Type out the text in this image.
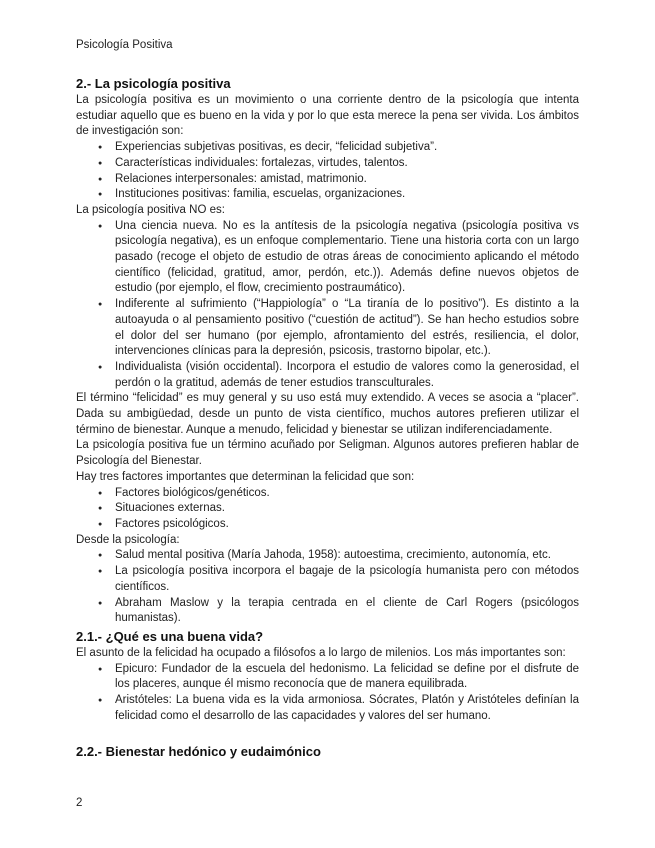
Psicología Positiva
2.- La psicología positiva

La psicología positiva es un movimiento o una corriente dentro de la psicología que intenta estudiar aquello que es bueno en la vida y por lo que esta merece la pena ser vivida. Los ámbitos de investigación son:

● Experiencias subjetivas positivas, es decir, “felicidad subjetiva”.
● Características individuales: fortalezas, virtudes, talentos.
● Relaciones interpersonales: amistad, matrimonio.
● Instituciones positivas: familia, escuelas, organizaciones.

La psicología positiva NO es:

● Una ciencia nueva. No es la antítesis de la psicología negativa (psicología positiva vs psicología negativa), es un enfoque complementario. Tiene una historia corta con un largo pasado (recoge el objeto de estudio de otras áreas de conocimiento aplicando el método científico (felicidad, gratitud, amor, perdón, etc.)). Además define nuevos objetos de estudio (por ejemplo, el flow, crecimiento postraumático).
● Indiferente al sufrimiento (“Happiología” o “La tiranía de lo positivo”). Es distinto a la autoayuda o al pensamiento positivo (“cuestión de actitud”). Se han hecho estudios sobre el dolor del ser humano (por ejemplo, afrontamiento del estrés, resiliencia, el dolor, intervenciones clínicas para la depresión, psicosis, trastorno bipolar, etc.).
● Individualista (visión occidental). Incorpora el estudio de valores como la generosidad, el perdón o la gratitud, además de tener estudios transculturales.

El término “felicidad” es muy general y su uso está muy extendido. A veces se asocia a “placer”. Dada su ambigüedad, desde un punto de vista científico, muchos autores prefieren utilizar el término de bienestar. Aunque a menudo, felicidad y bienestar se utilizan indiferenciadamente.

La psicología positiva fue un término acuñado por Seligman. Algunos autores prefieren hablar de Psicología del Bienestar.

Hay tres factores importantes que determinan la felicidad que son:

● Factores biológicos/genéticos.
● Situaciones externas.
● Factores psicológicos.

Desde la psicología:

● Salud mental positiva (María Jahoda, 1958): autoestima, crecimiento, autonomía, etc.
● La psicología positiva incorpora el bagaje de la psicología humanista pero con métodos científicos.
● Abraham Maslow y la terapia centrada en el cliente de Carl Rogers (psicólogos humanistas).
2.1.- ¿Qué es una buena vida?

El asunto de la felicidad ha ocupado a filósofos a lo largo de milenios. Los más importantes son:

● Epicuro: Fundador de la escuela del hedonismo. La felicidad se define por el disfrute de los placeres, aunque él mismo reconocía que de manera equilibrada.
● Aristóteles: La buena vida es la vida armoniosa. Sócrates, Platón y Aristóteles definían la felicidad como el desarrollo de las capacidades y valores del ser humano.
2.2.- Bienestar hedónico y eudaimónico
2
